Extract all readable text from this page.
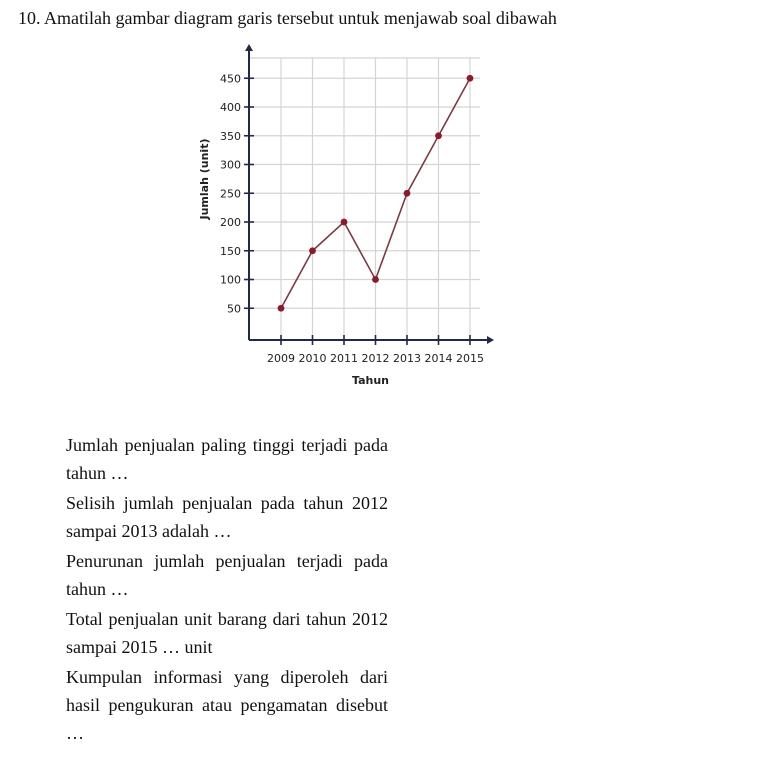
10. Amatilah gambar diagram garis tersebut untuk menjawab soal dibawah
50
100
150
200
250
300
350
400
450
2009 2010 2011 2012 2013 2014 2015
Jumlah (unit)
Tahun

Jumlah penjualan paling tinggi terjadi pada tahun …

Selisih jumlah penjualan pada tahun 2012 sampai 2013 adalah …

Penurunan jumlah penjualan terjadi pada tahun …

Total penjualan unit barang dari tahun 2012 sampai 2015 … unit

Kumpulan informasi yang diperoleh dari hasil pengukuran atau pengamatan disebut …
